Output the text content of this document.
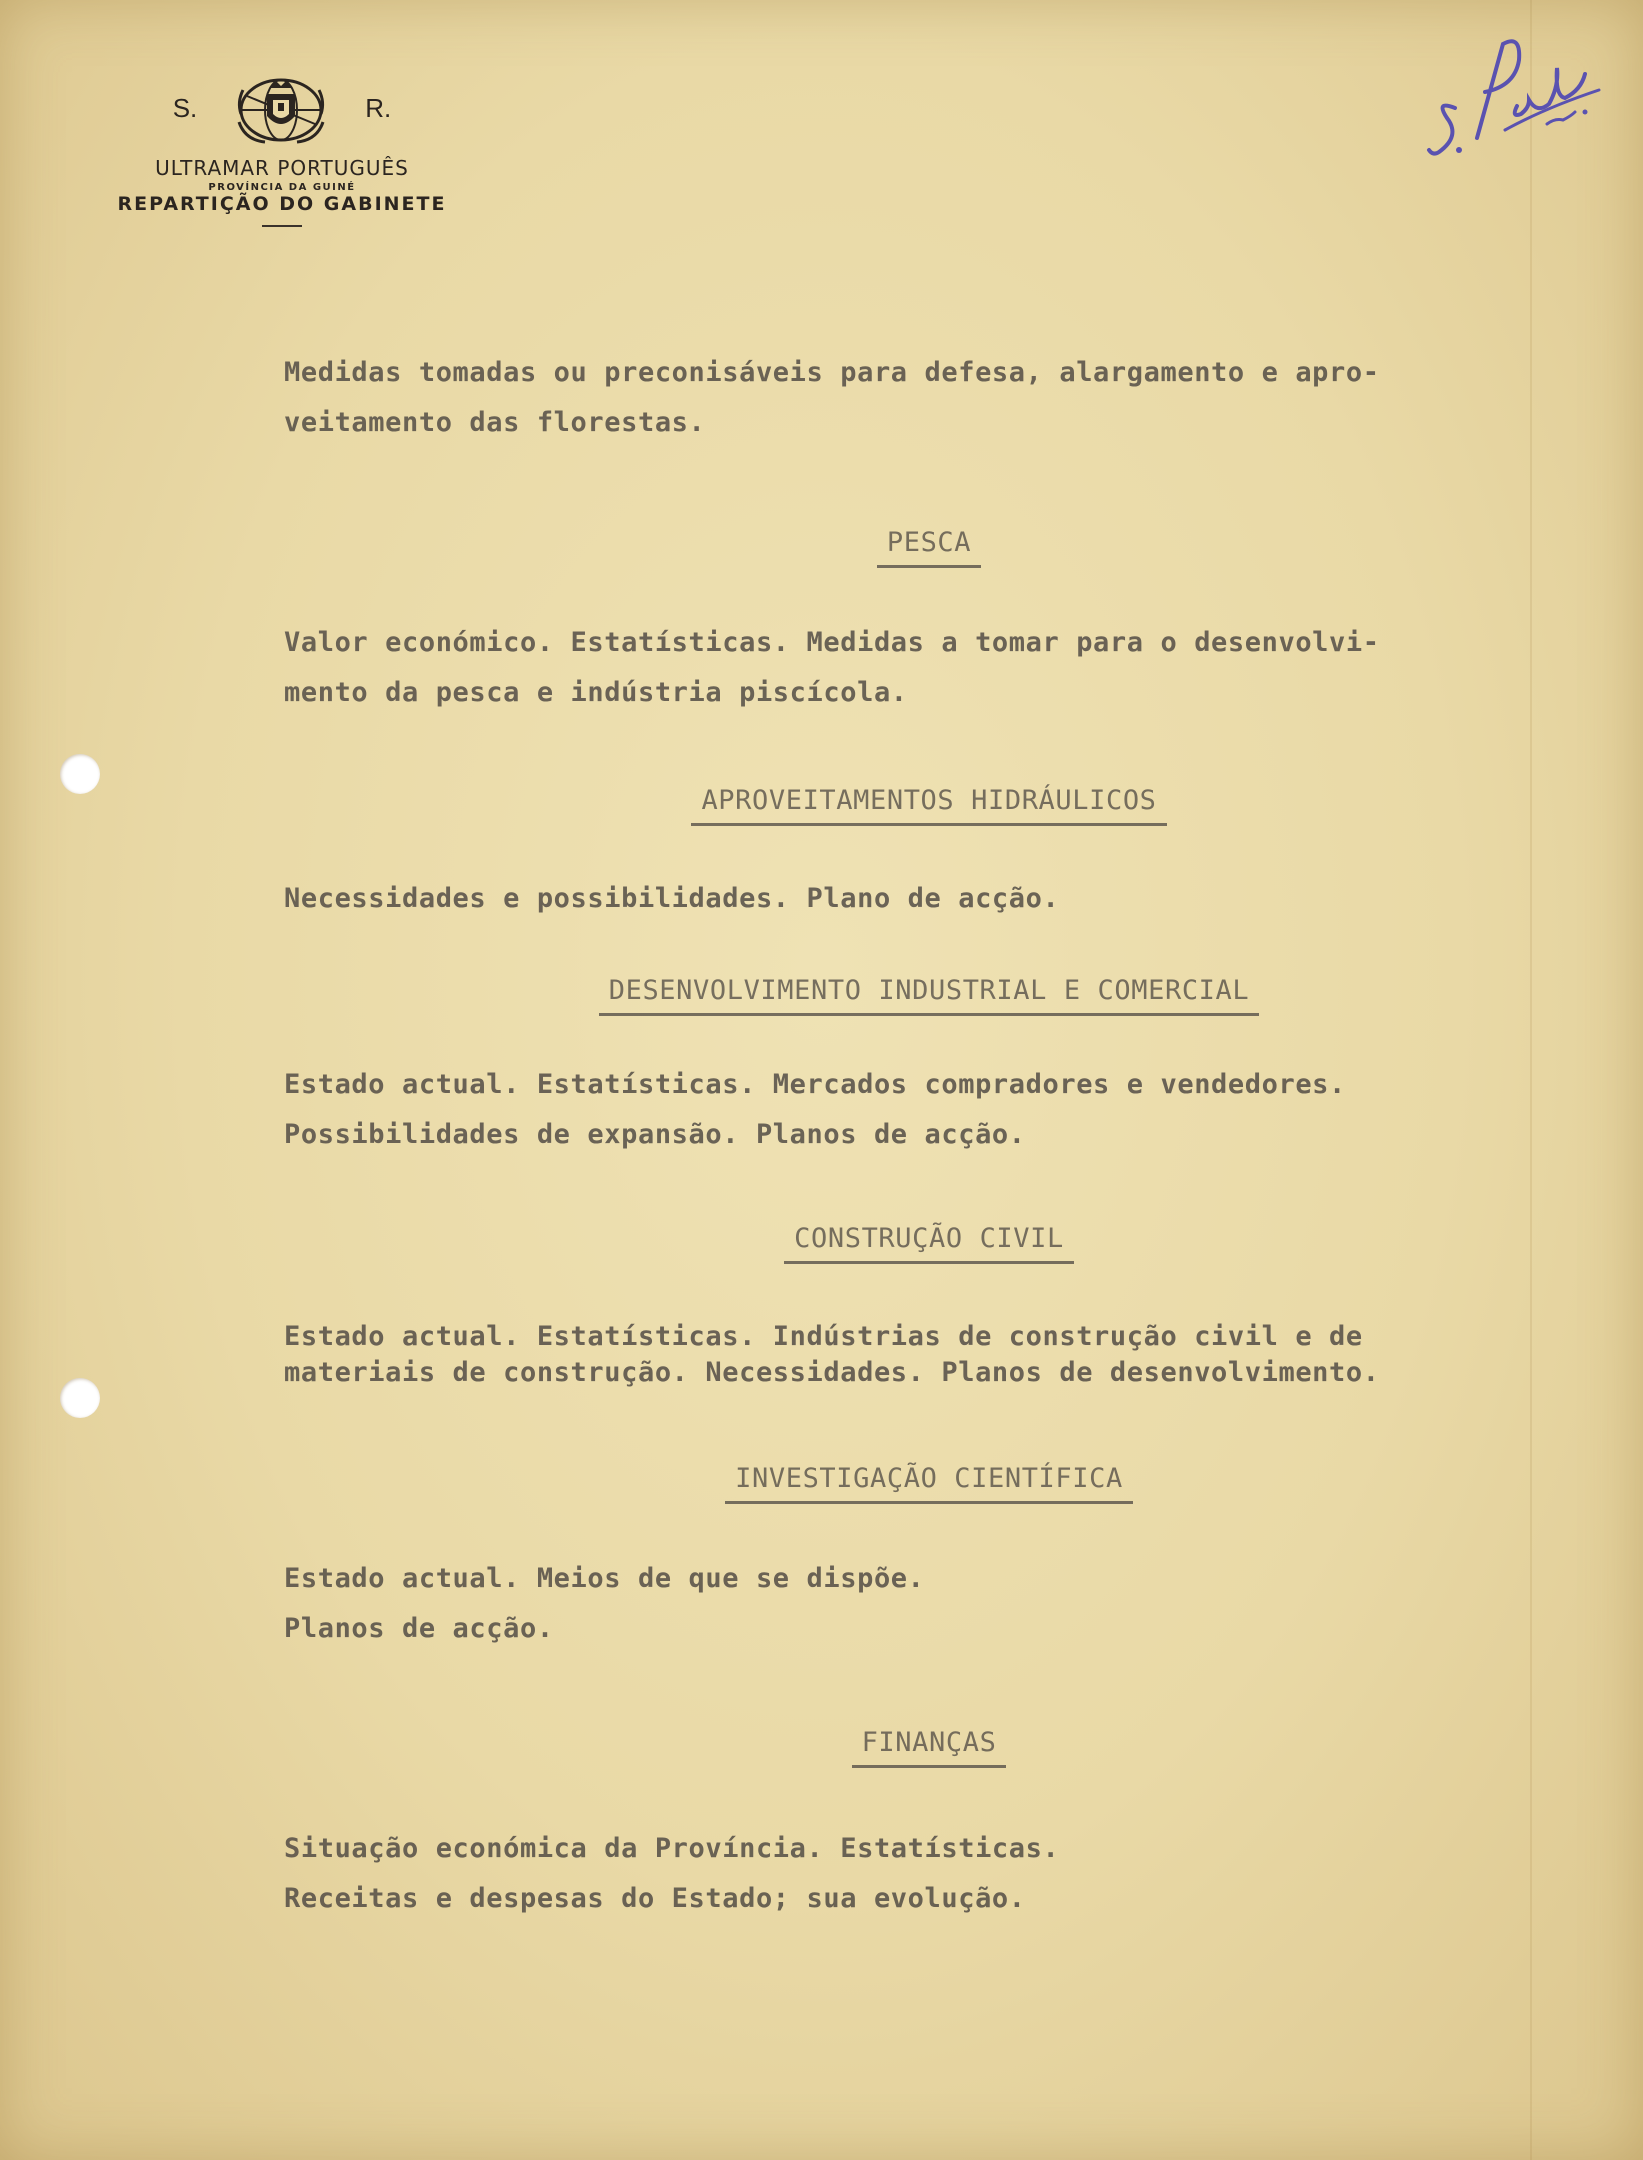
S.	R.
ULTRAMAR PORTUGUÊS
PROVÍNCIA DA GUINÉ
REPARTIÇÃO DO GABINETE

Medidas tomadas ou preconisáveis para defesa, alargamento e apro-

veitamento das florestas.

PESCA

Valor económico. Estatísticas. Medidas a tomar para o desenvolvi-

mento da pesca e indústria piscícola.

APROVEITAMENTOS HIDRÁULICOS

Necessidades e possibilidades. Plano de acção.

DESENVOLVIMENTO INDUSTRIAL E COMERCIAL

Estado actual. Estatísticas. Mercados compradores e vendedores.

Possibilidades de expansão. Planos de acção.

CONSTRUÇÃO CIVIL

Estado actual. Estatísticas. Indústrias de construção civil e de

materiais de construção. Necessidades. Planos de desenvolvimento.

INVESTIGAÇÃO CIENTÍFICA

Estado actual. Meios de que se dispõe.

Planos de acção.

FINANÇAS

Situação económica da Província. Estatísticas.

Receitas e despesas do Estado; sua evolução.
